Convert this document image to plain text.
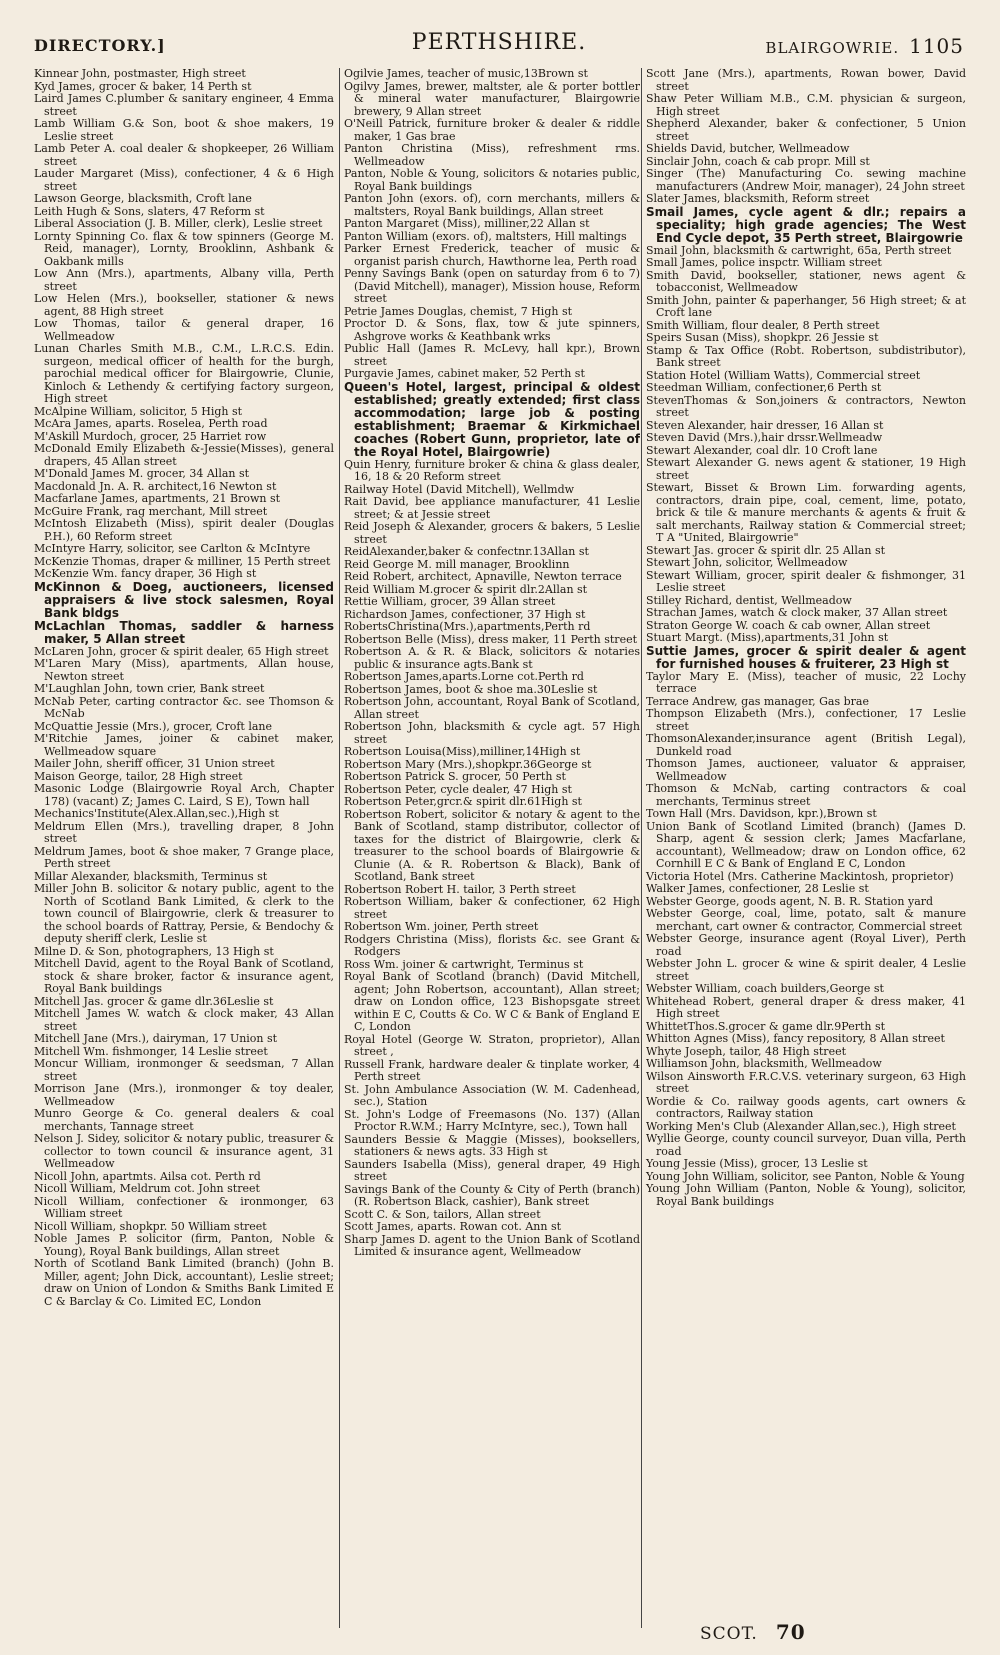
DIRECTORY.]	PERTHSHIRE.	BLAIRGOWRIE. 1105
Kinnear John, postmaster, High street
Kyd James, grocer & baker, 14 Perth st
Laird James C.plumber & sanitary engineer, 4 Emma street
Lamb William G.& Son, boot & shoe makers, 19 Leslie street
Lamb Peter A. coal dealer & shopkeeper, 26 William street
Lauder Margaret (Miss), confectioner, 4 & 6 High street
Lawson George, blacksmith, Croft lane
Leith Hugh & Sons, slaters, 47 Reform st
Liberal Association (J. B. Miller, clerk), Leslie street
Lornty Spinning Co. flax & tow spinners (George M. Reid, manager), Lornty, Brooklinn, Ashbank & Oakbank mills
Low Ann (Mrs.), apartments, Albany villa, Perth street
Low Helen (Mrs.), bookseller, stationer & news agent, 88 High street
Low Thomas, tailor & general draper, 16 Wellmeadow
Lunan Charles Smith M.B., C.M., L.R.C.S. Edin. surgeon, medical officer of health for the burgh, parochial medical officer for Blairgowrie, Clunie, Kinloch & Lethendy & certifying factory surgeon, High street
McAlpine William, solicitor, 5 High st
McAra James, aparts. Roselea, Perth road
M'Askill Murdoch, grocer, 25 Harriet row
McDonald Emily Elizabeth &-Jessie(Misses), general drapers, 45 Allan street
M'Donald James M. grocer, 34 Allan st
Macdonald Jn. A. R. architect,16 Newton st
Macfarlane James, apartments, 21 Brown st
McGuire Frank, rag merchant, Mill street
McIntosh Elizabeth (Miss), spirit dealer (Douglas P.H.), 60 Reform street
McIntyre Harry, solicitor, see Carlton & McIntyre
McKenzie Thomas, draper & milliner, 15 Perth street
McKenzie Wm. fancy draper, 36 High st
McKinnon & Doeg, auctioneers, licensed appraisers & live stock salesmen, Royal Bank bldgs
McLachlan Thomas, saddler & harness maker, 5 Allan street
McLaren John, grocer & spirit dealer, 65 High street
M'Laren Mary (Miss), apartments, Allan house, Newton street
M'Laughlan John, town crier, Bank street
McNab Peter, carting contractor &c. see Thomson & McNab
McQuattie Jessie (Mrs.), grocer, Croft lane
M'Ritchie James, joiner & cabinet maker, Wellmeadow square
Mailer John, sheriff officer, 31 Union street
Maison George, tailor, 28 High street
Masonic Lodge (Blairgowrie Royal Arch, Chapter 178) (vacant) Z; James C. Laird, S E), Town hall
Mechanics'Institute(Alex.Allan,sec.),High st
Meldrum Ellen (Mrs.), travelling draper, 8 John street
Meldrum James, boot & shoe maker, 7 Grange place, Perth street
Millar Alexander, blacksmith, Terminus st
Miller John B. solicitor & notary public, agent to the North of Scotland Bank Limited, & clerk to the town council of Blairgowrie, clerk & treasurer to the school boards of Rattray, Persie, & Bendochy & deputy sheriff clerk, Leslie st
Milne D. & Son, photographers, 13 High st
Mitchell David, agent to the Royal Bank of Scotland, stock & share broker, factor & insurance agent, Royal Bank buildings
Mitchell Jas. grocer & game dlr.36Leslie st
Mitchell James W. watch & clock maker, 43 Allan street
Mitchell Jane (Mrs.), dairyman, 17 Union st
Mitchell Wm. fishmonger, 14 Leslie street
Moncur William, ironmonger & seedsman, 7 Allan street
Morrison Jane (Mrs.), ironmonger & toy dealer, Wellmeadow
Munro George & Co. general dealers & coal merchants, Tannage street
Nelson J. Sidey, solicitor & notary public, treasurer & collector to town council & insurance agent, 31 Wellmeadow
Nicoll John, apartmts. Ailsa cot. Perth rd
Nicoll William, Meldrum cot. John street
Nicoll William, confectioner & ironmonger, 63 William street
Nicoll William, shopkpr. 50 William street
Noble James P. solicitor (firm, Panton, Noble & Young), Royal Bank buildings, Allan street
North of Scotland Bank Limited (branch) (John B. Miller, agent; John Dick, accountant), Leslie street; draw on Union of London & Smiths Bank Limited E C & Barclay & Co. Limited EC, London
Ogilvie James, teacher of music,13Brown st
Ogilvy James, brewer, maltster, ale & porter bottler & mineral water manufacturer, Blairgowrie brewery, 9 Allan street
O'Neill Patrick, furniture broker & dealer & riddle maker, 1 Gas brae
Panton Christina (Miss), refreshment rms. Wellmeadow
Panton, Noble & Young, solicitors & notaries public, Royal Bank buildings
Panton John (exors. of), corn merchants, millers & maltsters, Royal Bank buildings, Allan street
Panton Margaret (Miss), milliner,22 Allan st
Panton William (exors. of), maltsters, Hill maltings
Parker Ernest Frederick, teacher of music & organist parish church, Hawthorne lea, Perth road
Penny Savings Bank (open on saturday from 6 to 7) (David Mitchell), manager), Mission house, Reform street
Petrie James Douglas, chemist, 7 High st
Proctor D. & Sons, flax, tow & jute spinners, Ashgrove works & Keathbank wrks
Public Hall (James R. McLevy, hall kpr.), Brown street
Purgavie James, cabinet maker, 52 Perth st
Queen's Hotel, largest, principal & oldest established; greatly extended; first class accommodation; large job & posting establishment; Braemar & Kirkmichael coaches (Robert Gunn, proprietor, late of the Royal Hotel, Blairgowrie)
Quin Henry, furniture broker & china & glass dealer, 16, 18 & 20 Reform street
Railway Hotel (David Mitchell), Wellmdw
Rait David, bee appliance manufacturer, 41 Leslie street; & at Jessie street
Reid Joseph & Alexander, grocers & bakers, 5 Leslie street
ReidAlexander,baker & confectnr.13Allan st
Reid George M. mill manager, Brooklinn
Reid Robert, architect, Apnaville, Newton terrace
Reid William M.grocer & spirit dlr.2Allan st
Rettie William, grocer, 39 Allan street
Richardson James, confectioner, 37 High st
RobertsChristina(Mrs.),apartments,Perth rd
Robertson Belle (Miss), dress maker, 11 Perth street
Robertson A. & R. & Black, solicitors & notaries public & insurance agts.Bank st
Robertson James,aparts.Lorne cot.Perth rd
Robertson James, boot & shoe ma.30Leslie st
Robertson John, accountant, Royal Bank of Scotland, Allan street
Robertson John, blacksmith & cycle agt. 57 High street
Robertson Louisa(Miss),milliner,14High st
Robertson Mary (Mrs.),shopkpr.36George st
Robertson Patrick S. grocer, 50 Perth st
Robertson Peter, cycle dealer, 47 High st
Robertson Peter,grcr.& spirit dlr.61High st
Robertson Robert, solicitor & notary & agent to the Bank of Scotland, stamp distributor, collector of taxes for the district of Blairgowrie, clerk & treasurer to the school boards of Blairgowrie & Clunie (A. & R. Robertson & Black), Bank of Scotland, Bank street
Robertson Robert H. tailor, 3 Perth street
Robertson William, baker & confectioner, 62 High street
Robertson Wm. joiner, Perth street
Rodgers Christina (Miss), florists &c. see Grant & Rodgers
Ross Wm. joiner & cartwright, Terminus st
Royal Bank of Scotland (branch) (David Mitchell, agent; John Robertson, accountant), Allan street; draw on London office, 123 Bishopsgate street within E C, Coutts & Co. W C & Bank of England E C, London
Royal Hotel (George W. Straton, proprietor), Allan street ,
Russell Frank, hardware dealer & tinplate worker, 4 Perth street
St. John Ambulance Association (W. M. Cadenhead, sec.), Station
St. John's Lodge of Freemasons (No. 137) (Allan Proctor R.W.M.; Harry McIntyre, sec.), Town hall
Saunders Bessie & Maggie (Misses), booksellers, stationers & news agts. 33 High st
Saunders Isabella (Miss), general draper, 49 High street
Savings Bank of the County & City of Perth (branch) (R. Robertson Black, cashier), Bank street
Scott C. & Son, tailors, Allan street
Scott James, aparts. Rowan cot. Ann st
Sharp James D. agent to the Union Bank of Scotland Limited & insurance agent, Wellmeadow
Scott Jane (Mrs.), apartments, Rowan bower, David street
Shaw Peter William M.B., C.M. physician & surgeon, High street
Shepherd Alexander, baker & confectioner, 5 Union street
Shields David, butcher, Wellmeadow
Sinclair John, coach & cab propr. Mill st
Singer (The) Manufacturing Co. sewing machine manufacturers (Andrew Moir, manager), 24 John street
Slater James, blacksmith, Reform street
Smail James, cycle agent & dlr.; repairs a speciality; high grade agencies; The West End Cycle depot, 35 Perth street, Blairgowrie
Smail John, blacksmith & cartwright, 65a, Perth street
Small James, police inspctr. William street
Smith David, bookseller, stationer, news agent & tobacconist, Wellmeadow
Smith John, painter & paperhanger, 56 High street; & at Croft lane
Smith William, flour dealer, 8 Perth street
Speirs Susan (Miss), shopkpr. 26 Jessie st
Stamp & Tax Office (Robt. Robertson, subdistributor), Bank street
Station Hotel (William Watts), Commercial street
Steedman William, confectioner,6 Perth st
StevenThomas & Son,joiners & contractors, Newton street
Steven Alexander, hair dresser, 16 Allan st
Steven David (Mrs.),hair drssr.Wellmeadw
Stewart Alexander, coal dlr. 10 Croft lane
Stewart Alexander G. news agent & stationer, 19 High street
Stewart, Bisset & Brown Lim. forwarding agents, contractors, drain pipe, coal, cement, lime, potato, brick & tile & manure merchants & agents & fruit & salt merchants, Railway station & Commercial street; T A "United, Blairgowrie"
Stewart Jas. grocer & spirit dlr. 25 Allan st
Stewart John, solicitor, Wellmeadow
Stewart William, grocer, spirit dealer & fishmonger, 31 Leslie street
Stilley Richard, dentist, Wellmeadow
Strachan James, watch & clock maker, 37 Allan street
Straton George W. coach & cab owner, Allan street
Stuart Margt. (Miss),apartments,31 John st
Suttie James, grocer & spirit dealer & agent for furnished houses & fruiterer, 23 High st
Taylor Mary E. (Miss), teacher of music, 22 Lochy terrace
Terrace Andrew, gas manager, Gas brae
Thompson Elizabeth (Mrs.), confectioner, 17 Leslie street
ThomsonAlexander,insurance agent (British Legal), Dunkeld road
Thomson James, auctioneer, valuator & appraiser, Wellmeadow
Thomson & McNab, carting contractors & coal merchants, Terminus street
Town Hall (Mrs. Davidson, kpr.),Brown st
Union Bank of Scotland Limited (branch) (James D. Sharp, agent & session clerk; James Macfarlane, accountant), Wellmeadow; draw on London office, 62 Cornhill E C & Bank of England E C, London
Victoria Hotel (Mrs. Catherine Mackintosh, proprietor)
Walker James, confectioner, 28 Leslie st
Webster George, goods agent, N. B. R. Station yard
Webster George, coal, lime, potato, salt & manure merchant, cart owner & contractor, Commercial street
Webster George, insurance agent (Royal Liver), Perth road
Webster John L. grocer & wine & spirit dealer, 4 Leslie street
Webster William, coach builders,George st
Whitehead Robert, general draper & dress maker, 41 High street
WhittetThos.S.grocer & game dlr.9Perth st
Whitton Agnes (Miss), fancy repository, 8 Allan street
Whyte Joseph, tailor, 48 High street
Williamson John, blacksmith, Wellmeadow
Wilson Ainsworth F.R.C.V.S. veterinary surgeon, 63 High street
Wordie & Co. railway goods agents, cart owners & contractors, Railway station
Working Men's Club (Alexander Allan,sec.), High street
Wyllie George, county council surveyor, Duan villa, Perth road
Young Jessie (Miss), grocer, 13 Leslie st
Young John William, solicitor, see Panton, Noble & Young
Young John William (Panton, Noble & Young), solicitor, Royal Bank buildings
SCOT. 70
